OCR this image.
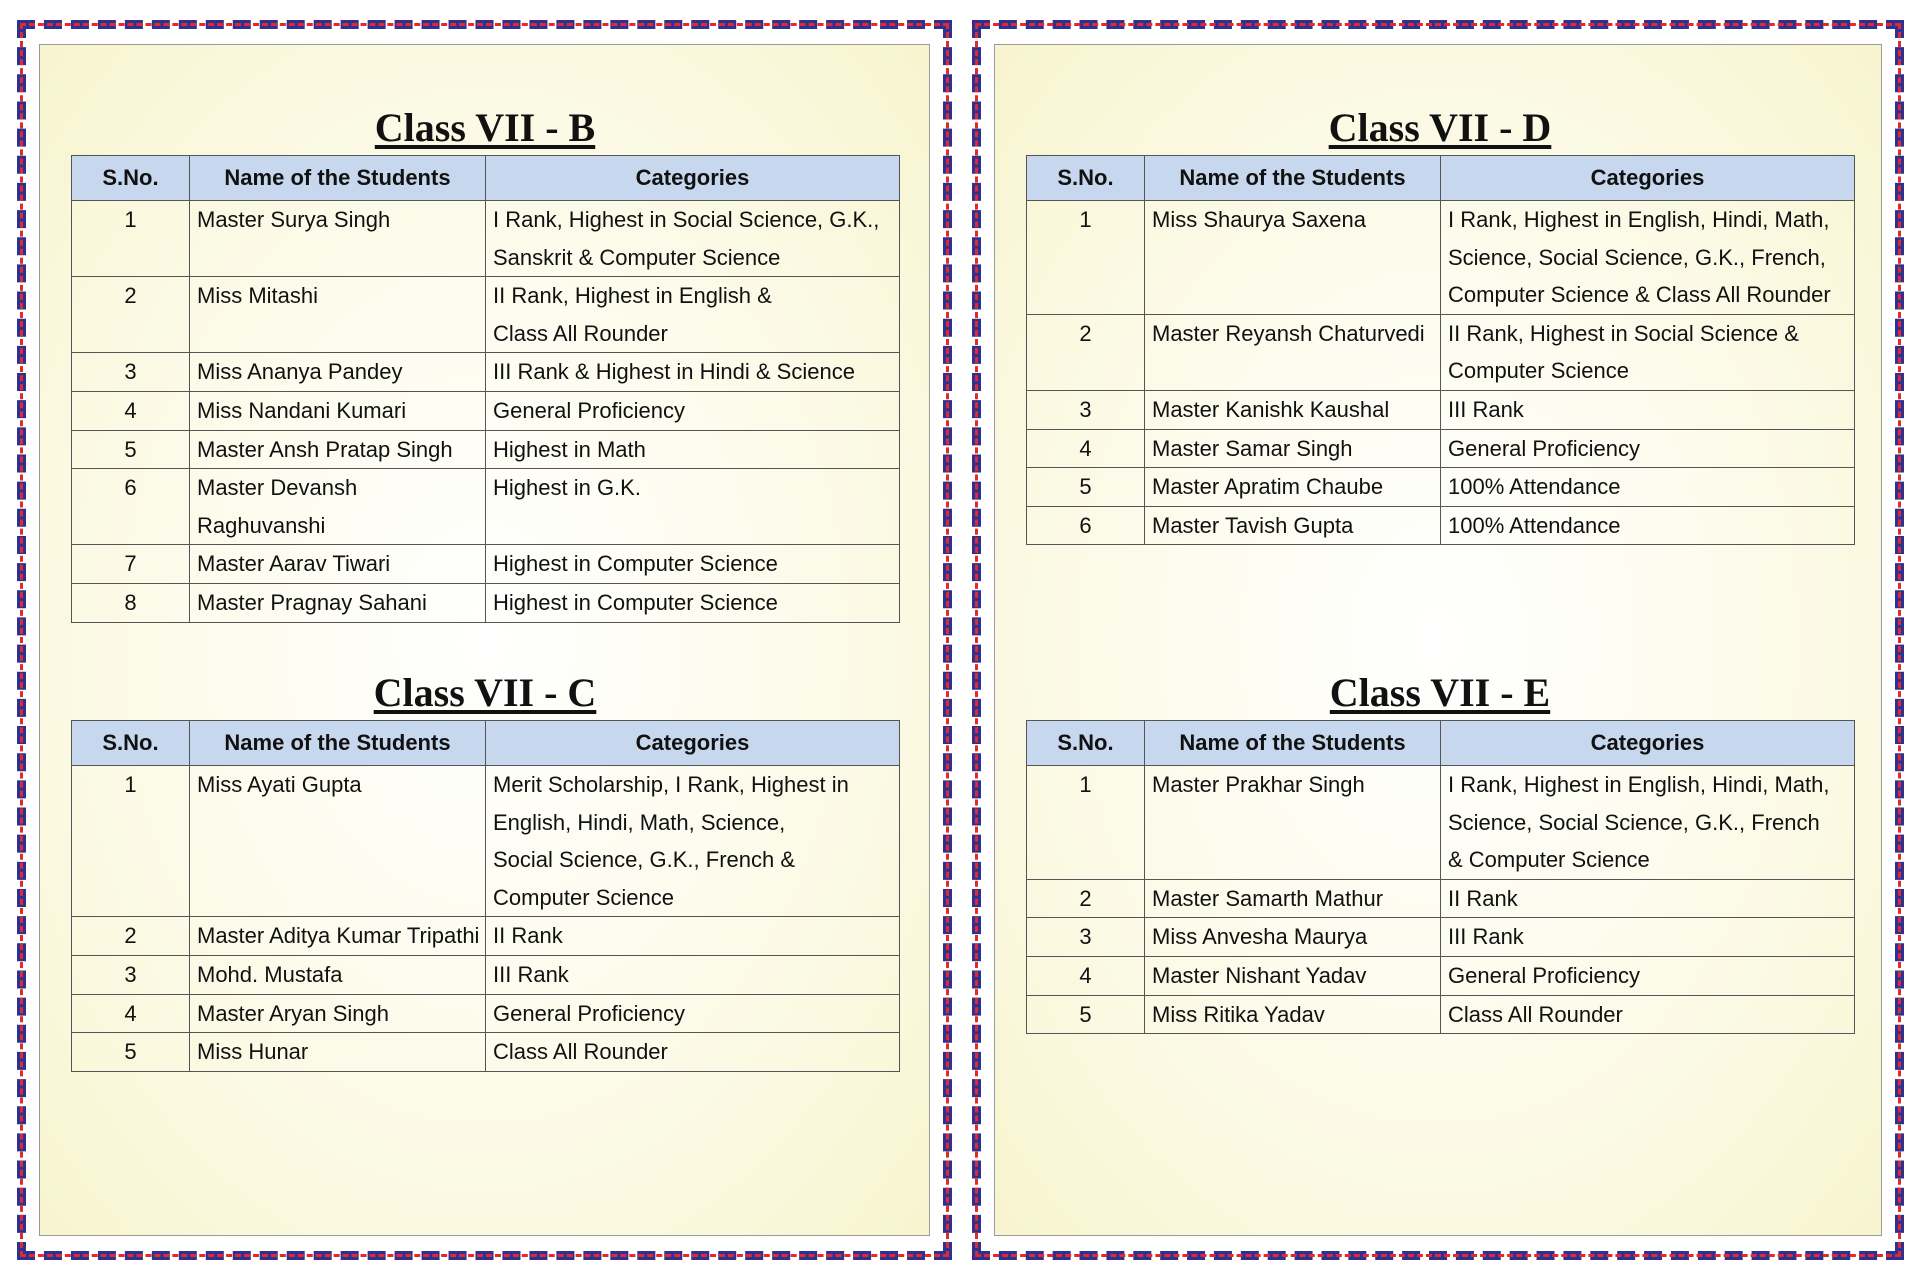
Class VII - B
S.No.	Name of the Students	Categories
1	Master Surya Singh	I Rank, Highest in Social Science, G.K.,
Sanskrit & Computer Science

2	Miss Mitashi	II Rank, Highest in English &
Class All Rounder

3	Miss Ananya Pandey	III Rank & Highest in Hindi & Science

4	Miss Nandani Kumari	General Proficiency

5	Master Ansh Pratap Singh	Highest in Math

6	Master Devansh Raghuvanshi	Highest in G.K.

7	Master Aarav Tiwari	Highest in Computer Science

8	Master Pragnay Sahani	Highest in Computer Science
Class VII - C
S.No.	Name of the Students	Categories
1	Miss Ayati Gupta	Merit Scholarship, I Rank, Highest in
English, Hindi, Math, Science,
Social Science, G.K., French &
Computer Science

2	Master Aditya Kumar Tripathi	II Rank

3	Mohd. Mustafa	III Rank

4	Master Aryan Singh	General Proficiency

5	Miss Hunar	Class All Rounder
Class VII - D
S.No.	Name of the Students	Categories
1	Miss Shaurya Saxena	I Rank, Highest in English, Hindi, Math,
Science, Social Science, G.K., French,
Computer Science & Class All Rounder

2	Master Reyansh Chaturvedi	II Rank, Highest in Social Science &
Computer Science

3	Master Kanishk Kaushal	III Rank

4	Master Samar Singh	General Proficiency

5	Master Apratim Chaube	100% Attendance

6	Master Tavish Gupta	100% Attendance
Class VII - E
S.No.	Name of the Students	Categories
1	Master Prakhar Singh	I Rank, Highest in English, Hindi, Math,
Science, Social Science, G.K., French
& Computer Science

2	Master Samarth Mathur	II Rank

3	Miss Anvesha Maurya	III Rank

4	Master Nishant Yadav	General Proficiency

5	Miss Ritika Yadav	Class All Rounder
